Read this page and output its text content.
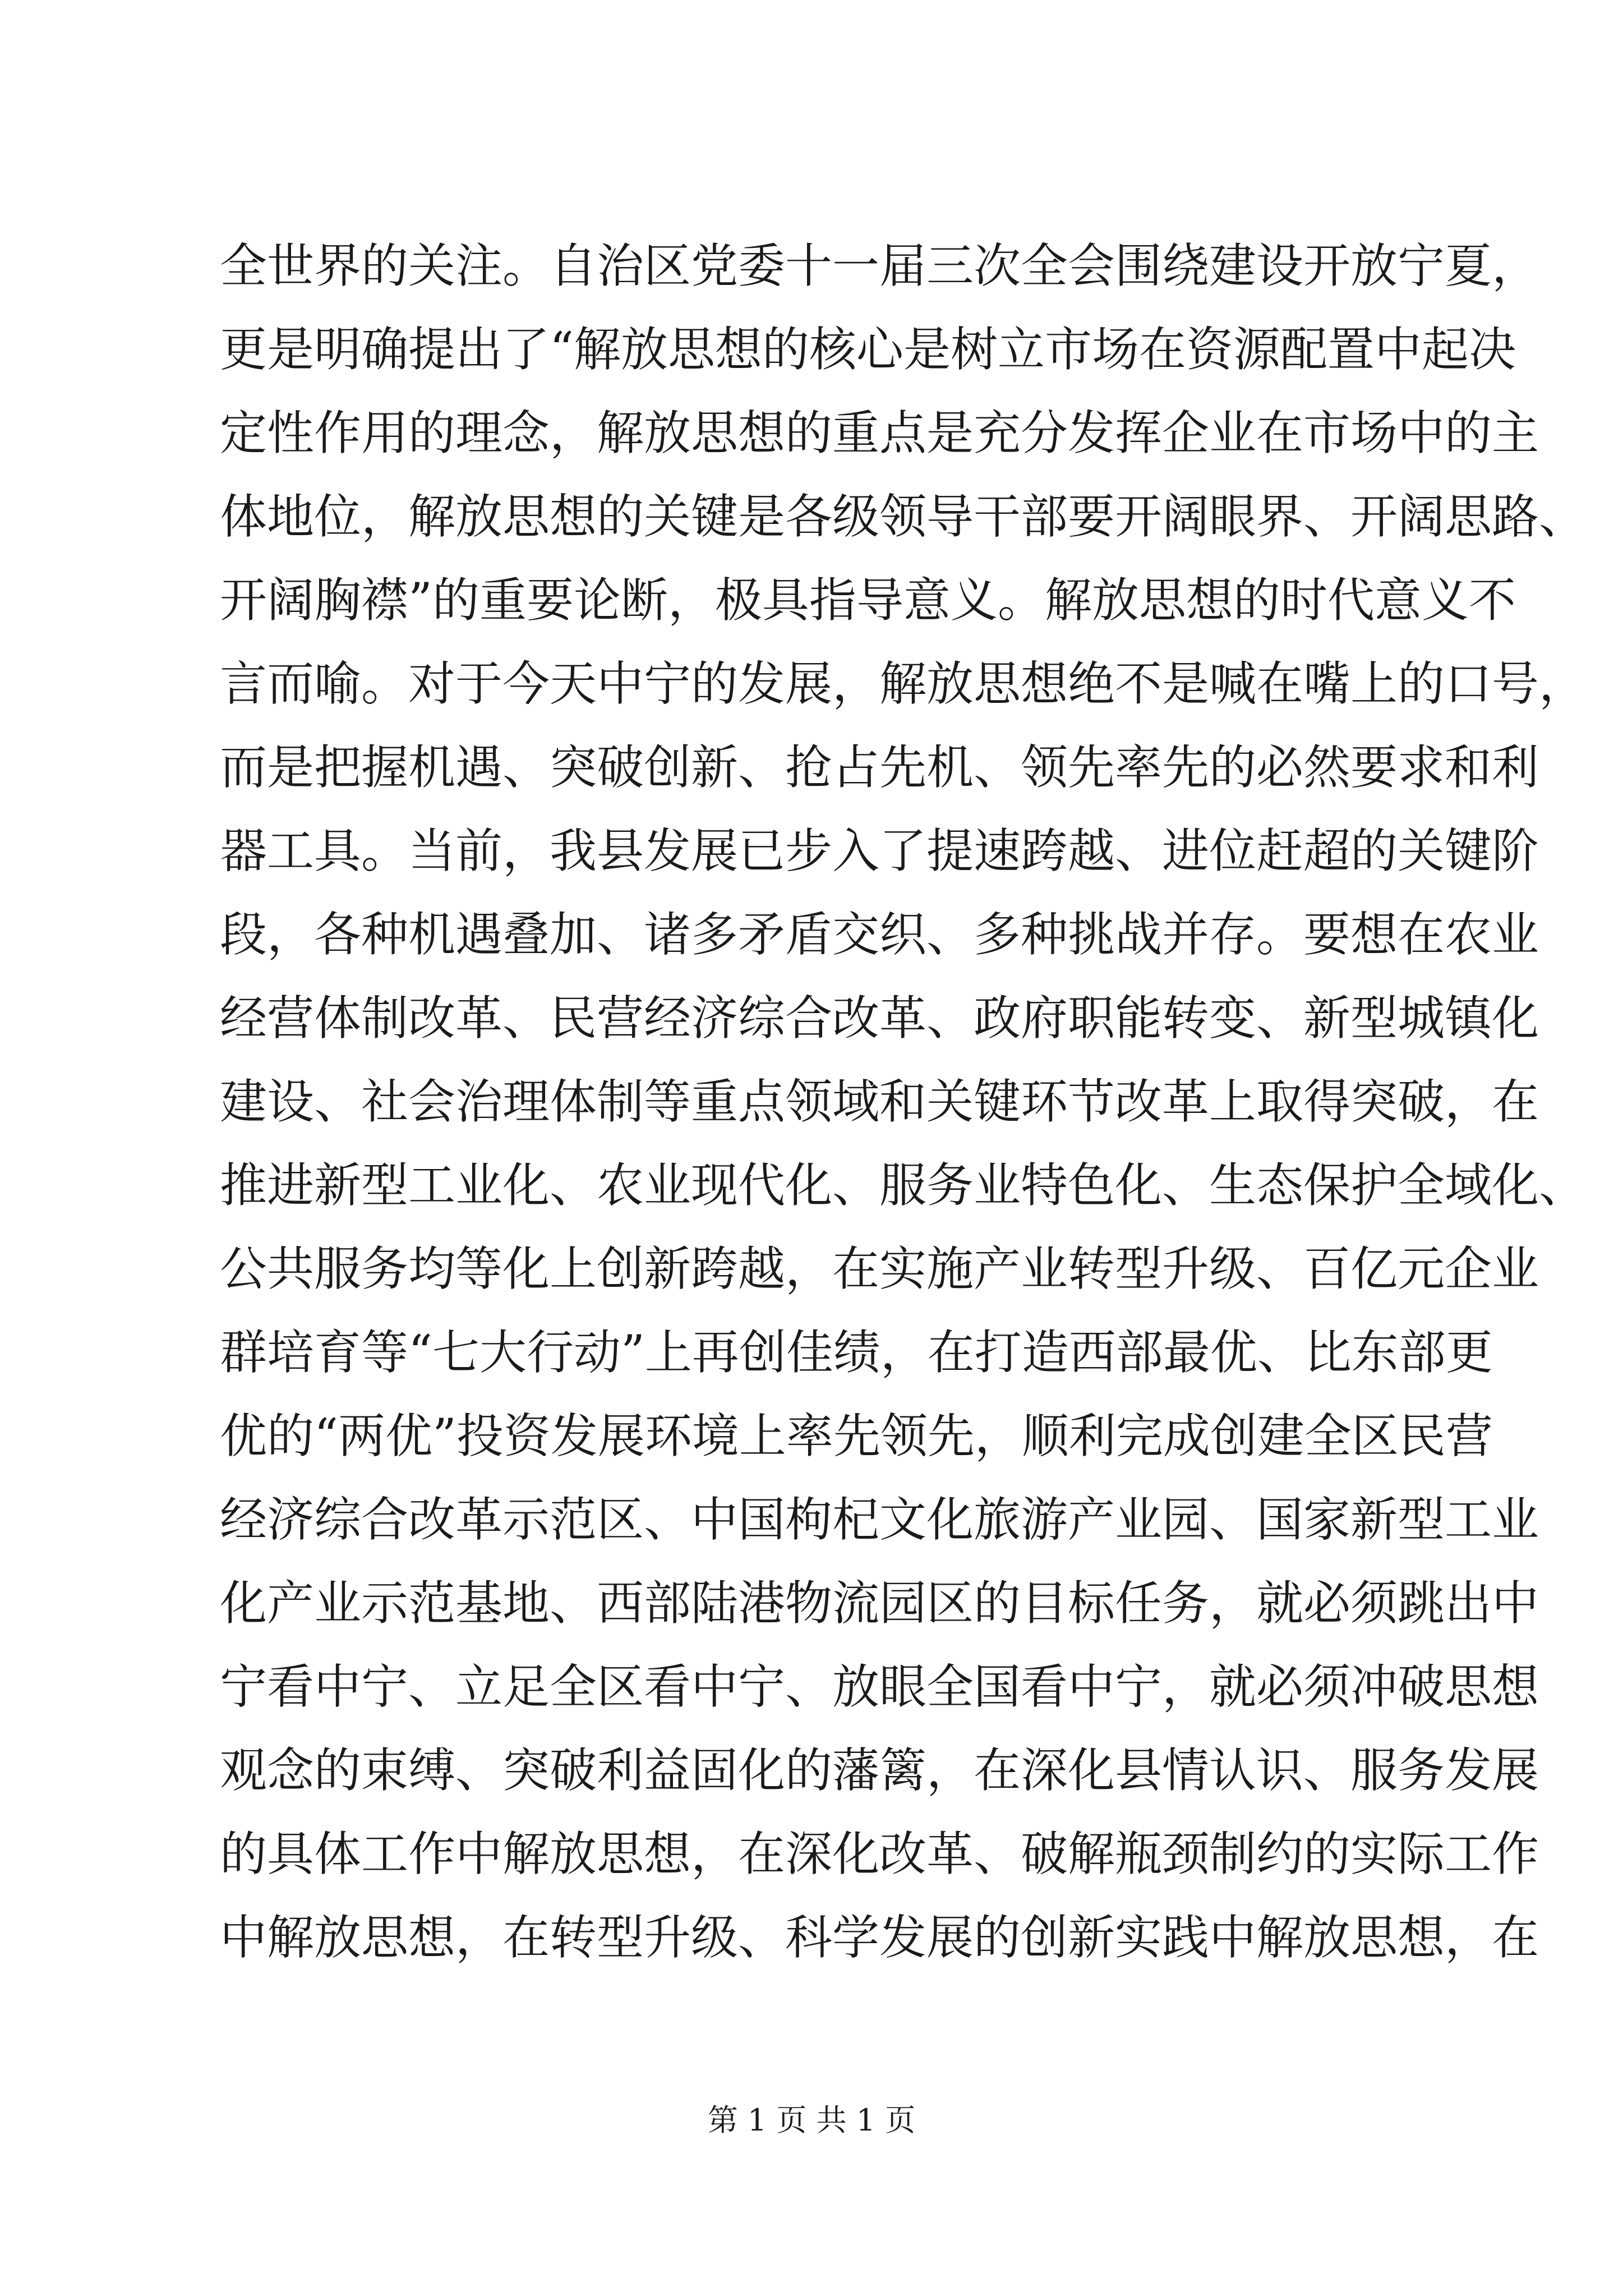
全世界的关注。自治区党委十一届三次全会围绕建设开放宁夏，
更是明确提出了“解放思想的核心是树立市场在资源配置中起决
定性作用的理念，解放思想的重点是充分发挥企业在市场中的主
体地位，解放思想的关键是各级领导干部要开阔眼界、开阔思路、
开阔胸襟”的重要论断，极具指导意义。解放思想的时代意义不
言而喻。对于今天中宁的发展，解放思想绝不是喊在嘴上的口号，
而是把握机遇、突破创新、抢占先机、领先率先的必然要求和利
器工具。当前，我县发展已步入了提速跨越、进位赶超的关键阶
段，各种机遇叠加、诸多矛盾交织、多种挑战并存。要想在农业
经营体制改革、民营经济综合改革、政府职能转变、新型城镇化
建设、社会治理体制等重点领域和关键环节改革上取得突破，在
推进新型工业化、农业现代化、服务业特色化、生态保护全域化、
公共服务均等化上创新跨越，在实施产业转型升级、百亿元企业
群培育等“七大行动”上再创佳绩，在打造西部最优、比东部更
优的“两优”投资发展环境上率先领先，顺利完成创建全区民营
经济综合改革示范区、中国枸杞文化旅游产业园、国家新型工业
化产业示范基地、西部陆港物流园区的目标任务，就必须跳出中
宁看中宁、立足全区看中宁、放眼全国看中宁，就必须冲破思想
观念的束缚、突破利益固化的藩篱，在深化县情认识、服务发展
的具体工作中解放思想，在深化改革、破解瓶颈制约的实际工作
中解放思想，在转型升级、科学发展的创新实践中解放思想，在
第 1 页 共 1 页
